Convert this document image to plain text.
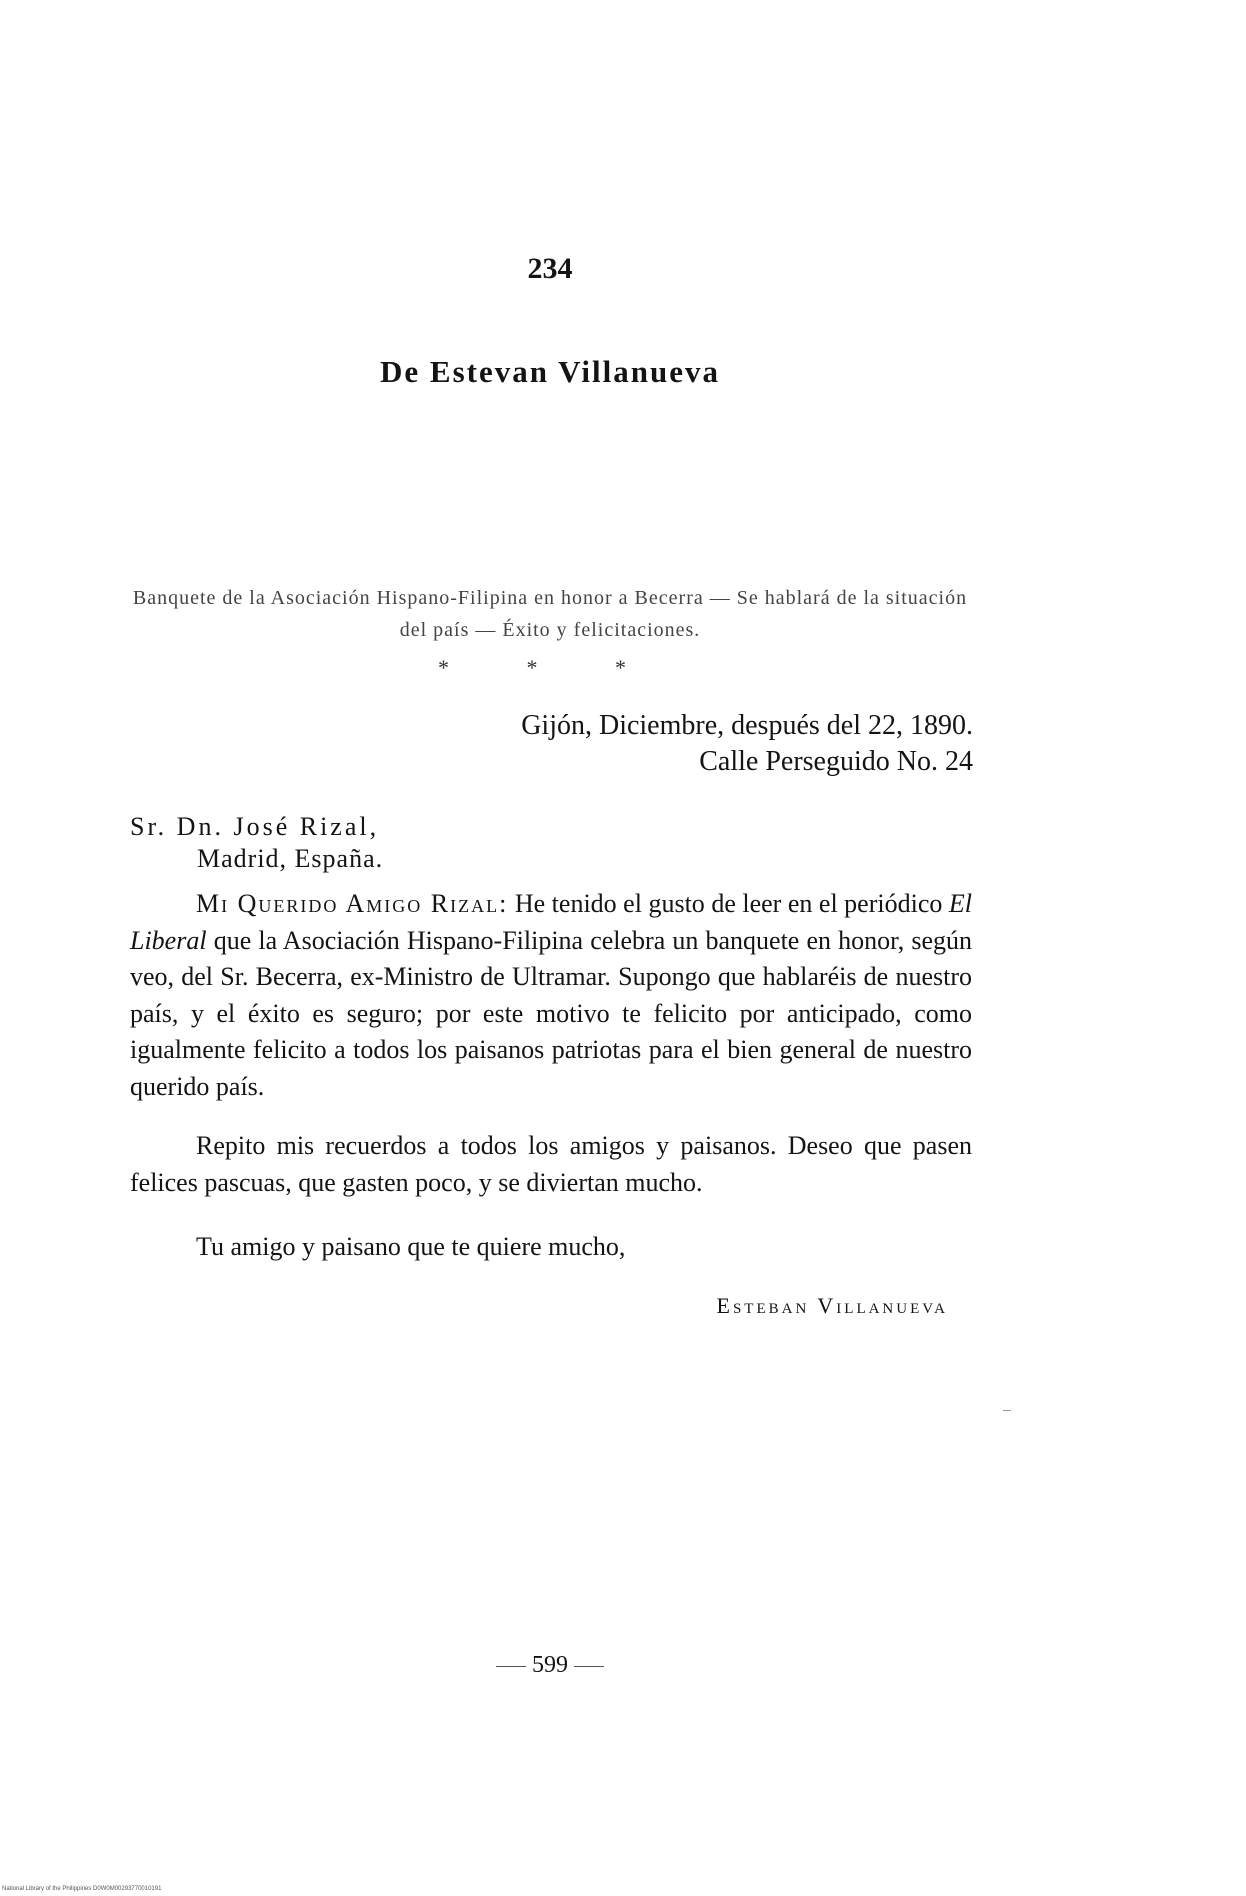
234
De Estevan Villanueva
Banquete de la Asociación Hispano-Filipina en honor a Becerra — Se hablará de la situación del país — Éxito y felicitaciones.
* * *
Gijón, Diciembre, después del 22, 1890.
Calle Perseguido No. 24
Sr. Dn. José Rizal,
Madrid, España.
Mi Querido Amigo Rizal: He tenido el gusto de leer en el periódico El Liberal que la Asociación Hispano-Filipina celebra un banquete en honor, según veo, del Sr. Becerra, ex-Ministro de Ultramar. Supongo que hablaréis de nuestro país, y el éxito es seguro; por este motivo te felicito por anticipado, como igualmente felicito a todos los paisanos patriotas para el bien general de nuestro querido país.
Repito mis recuerdos a todos los amigos y paisanos. Deseo que pasen felices pascuas, que gasten poco, y se diviertan mucho.
Tu amigo y paisano que te quiere mucho,
Esteban Villanueva
599
National Library of the Philippines D0W0M00293770010191
